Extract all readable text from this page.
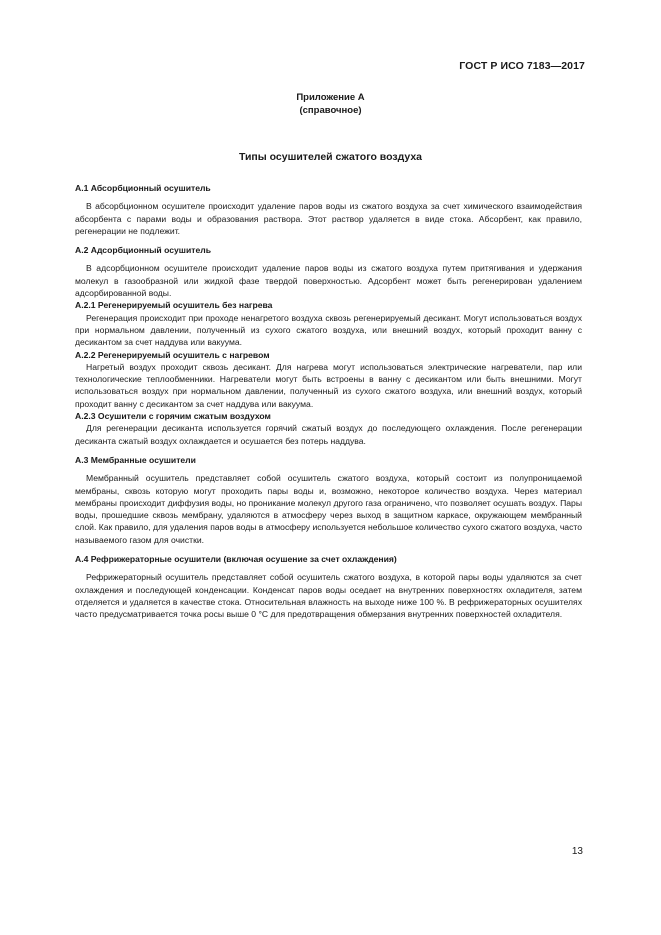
ГОСТ Р ИСО 7183—2017
Приложение А
(справочное)
Типы осушителей сжатого воздуха

А.1 Абсорбционный осушитель

В абсорбционном осушителе происходит удаление паров воды из сжатого воздуха за счет химического взаимодействия абсорбента с парами воды и образования раствора. Этот раствор удаляется в виде стока. Абсорбент, как правило, регенерации не подлежит.

А.2 Адсорбционный осушитель

В адсорбционном осушителе происходит удаление паров воды из сжатого воздуха путем притягивания и удержания молекул в газообразной или жидкой фазе твердой поверхностью. Адсорбент может быть регенерирован удалением адсорбированной воды.

А.2.1 Регенерируемый осушитель без нагрева

Регенерация происходит при проходе ненагретого воздуха сквозь регенерируемый десикант. Могут использоваться воздух при нормальном давлении, полученный из сухого сжатого воздуха, или внешний воздух, который проходит ванну с десикантом за счет наддува или вакуума.

А.2.2 Регенерируемый осушитель с нагревом

Нагретый воздух проходит сквозь десикант. Для нагрева могут использоваться электрические нагреватели, пар или технологические теплообменники. Нагреватели могут быть встроены в ванну с десикантом или быть внешними. Могут использоваться воздух при нормальном давлении, полученный из сухого сжатого воздуха, или внешний воздух, который проходит ванну с десикантом за счет наддува или вакуума.

А.2.3 Осушители с горячим сжатым воздухом

Для регенерации десиканта используется горячий сжатый воздух до последующего охлаждения. После регенерации десиканта сжатый воздух охлаждается и осушается без потерь наддува.

А.3 Мембранные осушители

Мембранный осушитель представляет собой осушитель сжатого воздуха, который состоит из полупроницаемой мембраны, сквозь которую могут проходить пары воды и, возможно, некоторое количество воздуха. Через материал мембраны происходит диффузия воды, но проникание молекул другого газа ограничено, что позволяет осушать воздух. Пары воды, прошедшие сквозь мембрану, удаляются в атмосферу через выход в защитном каркасе, окружающем мембранный слой. Как правило, для удаления паров воды в атмосферу используется небольшое количество сухого сжатого воздуха, часто называемого газом для очистки.

А.4 Рефрижераторные осушители (включая осушение за счет охлаждения)

Рефрижераторный осушитель представляет собой осушитель сжатого воздуха, в которой пары воды удаляются за счет охлаждения и последующей конденсации. Конденсат паров воды оседает на внутренних поверхностях охладителя, затем отделяется и удаляется в качестве стока. Относительная влажность на выходе ниже 100 %. В рефрижераторных осушителях часто предусматривается точка росы выше 0 °С для предотвращения обмерзания внутренних поверхностей охладителя.

13
